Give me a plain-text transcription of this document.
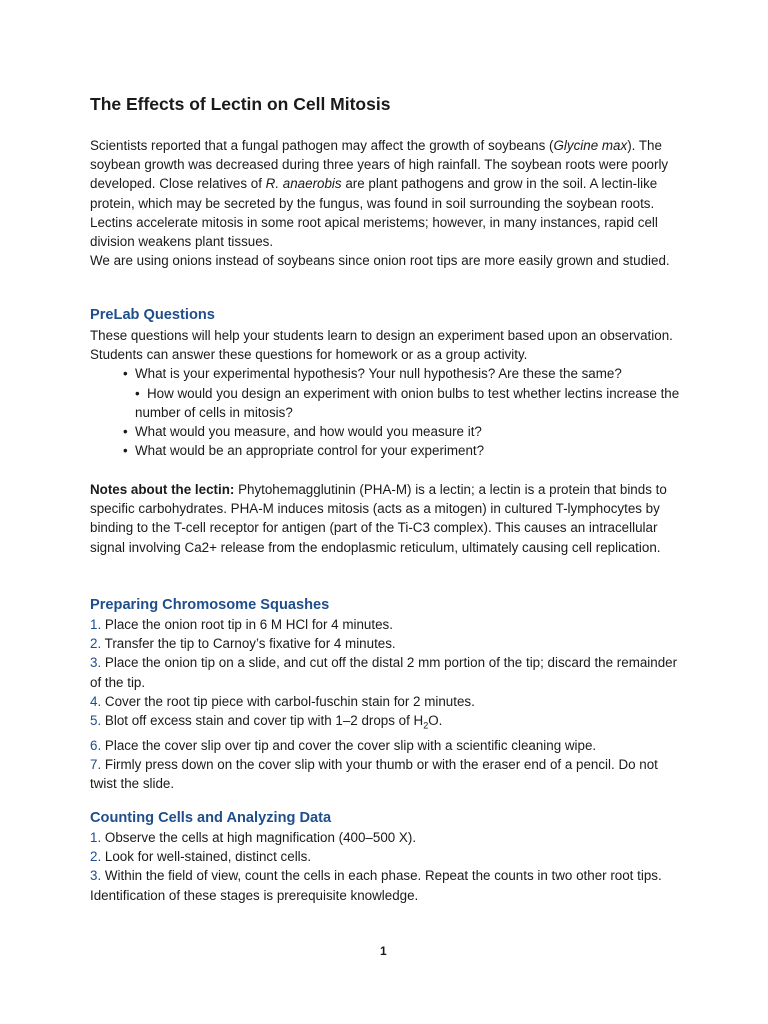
The Effects of Lectin on Cell Mitosis

Scientists reported that a fungal pathogen may affect the growth of soybeans (Glycine max). The soybean growth was decreased during three years of high rainfall. The soybean roots were poorly developed. Close relatives of R. anaerobis are plant pathogens and grow in the soil. A lectin-like protein, which may be secreted by the fungus, was found in soil surrounding the soybean roots. Lectins accelerate mitosis in some root apical meristems; however, in many instances, rapid cell division weakens plant tissues.

We are using onions instead of soybeans since onion root tips are more easily grown and studied.

PreLab Questions

These questions will help your students learn to design an experiment based upon an observation. Students can answer these questions for homework or as a group activity.

• What is your experimental hypothesis? Your null hypothesis? Are these the same?
• How would you design an experiment with onion bulbs to test whether lectins increase the number of cells in mitosis?
• What would you measure, and how would you measure it?
• What would be an appropriate control for your experiment?

Notes about the lectin: Phytohemagglutinin (PHA-M) is a lectin; a lectin is a protein that binds to specific carbohydrates. PHA-M induces mitosis (acts as a mitogen) in cultured T-lymphocytes by binding to the T-cell receptor for antigen (part of the Ti-C3 complex). This causes an intracellular signal involving Ca2+ release from the endoplasmic reticulum, ultimately causing cell replication.

Preparing Chromosome Squashes
1. Place the onion root tip in 6 M HCl for 4 minutes.
2. Transfer the tip to Carnoy’s fixative for 4 minutes.
3. Place the onion tip on a slide, and cut off the distal 2 mm portion of the tip; discard the remainder of the tip.
4. Cover the root tip piece with carbol-fuschin stain for 2 minutes.
5. Blot off excess stain and cover tip with 1–2 drops of $H_2O$.
6. Place the cover slip over tip and cover the cover slip with a scientific cleaning wipe.
7. Firmly press down on the cover slip with your thumb or with the eraser end of a pencil. Do not twist the slide.
Counting Cells and Analyzing Data
1. Observe the cells at high magnification (400–500 X).
2. Look for well-stained, distinct cells.
3. Within the field of view, count the cells in each phase. Repeat the counts in two other root tips. Identification of these stages is prerequisite knowledge.
1
